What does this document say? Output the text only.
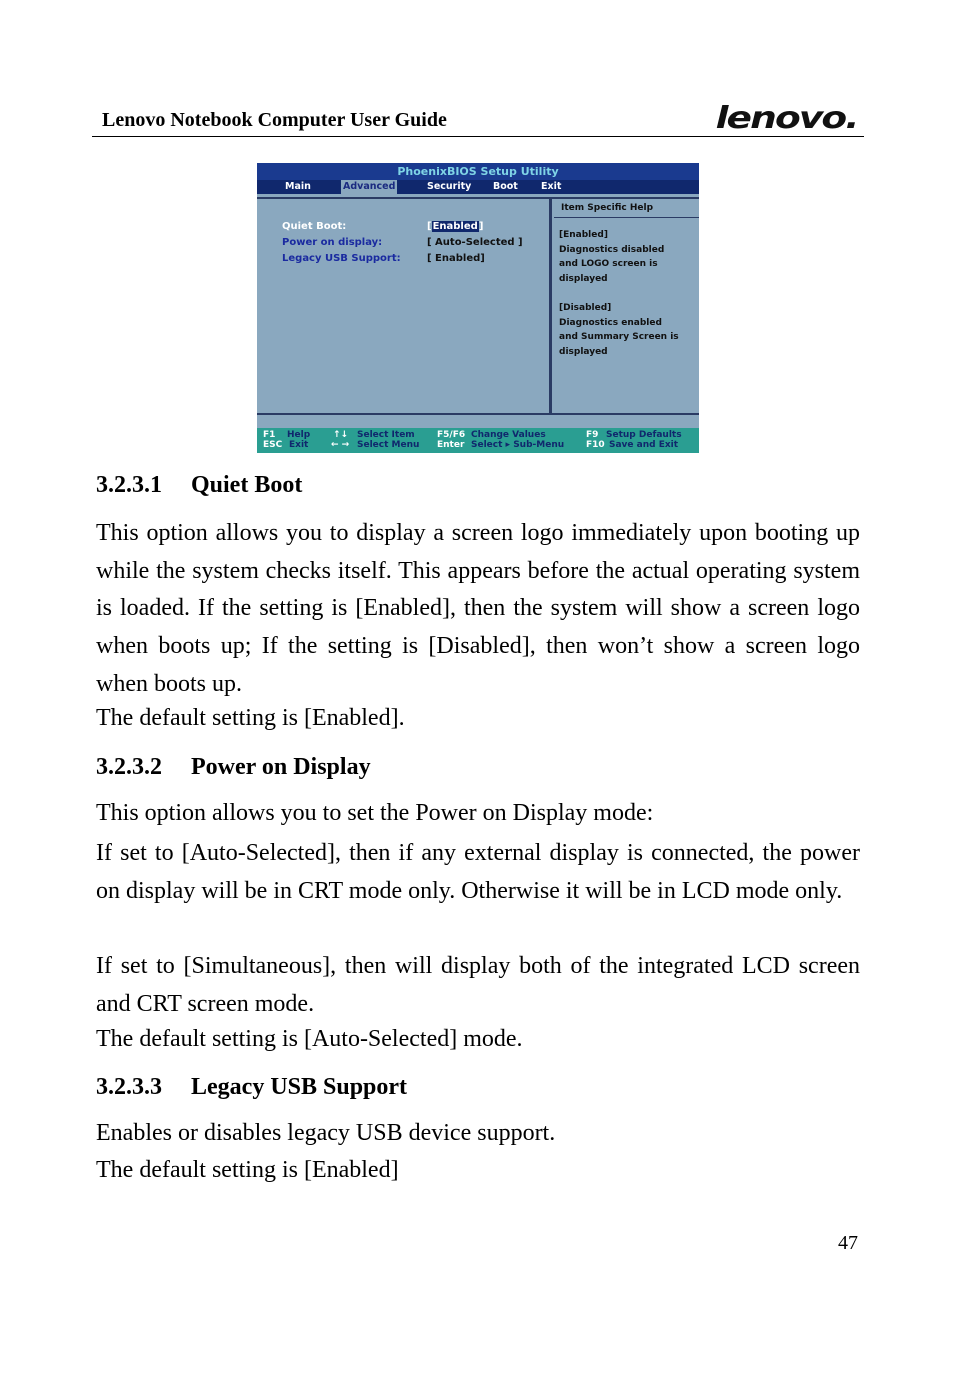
Lenovo Notebook Computer User Guide	lenovo.
PhoenixBIOS Setup Utility
Main	Advanced	Security Boot Exit
Quiet Boot:	[Enabled]
Power on display:	[ Auto-Selected ]
Legacy USB Support:	[ Enabled]
Item Specific Help
[Enabled]
Diagnostics disabled
and LOGO screen is
displayed
[Disabled]
Diagnostics enabled
and Summary Screen is
displayed
F1 Help
ESC Exit
↑↓ Select Item
← → Select Menu
F5/F6 Change Values
Enter Select ▸ Sub-Menu
F9 Setup Defaults
F10 Save and Exit
3.2.3.1 Quiet Boot
This option allows you to display a screen logo immediately upon booting up while the system checks itself. This appears before the actual operating system is loaded. If the setting is [Enabled], then the system will show a screen logo when boots up; If the setting is [Disabled], then won’t show a screen logo when boots up.
The default setting is [Enabled].
3.2.3.2 Power on Display
This option allows you to set the Power on Display mode:
If set to [Auto-Selected], then if any external display is connected, the power on display will be in CRT mode only. Otherwise it will be in LCD mode only.
If set to [Simultaneous], then will display both of the integrated LCD screen and CRT screen mode.
The default setting is [Auto-Selected] mode.
3.2.3.3 Legacy USB Support
Enables or disables legacy USB device support.
The default setting is [Enabled]
47
